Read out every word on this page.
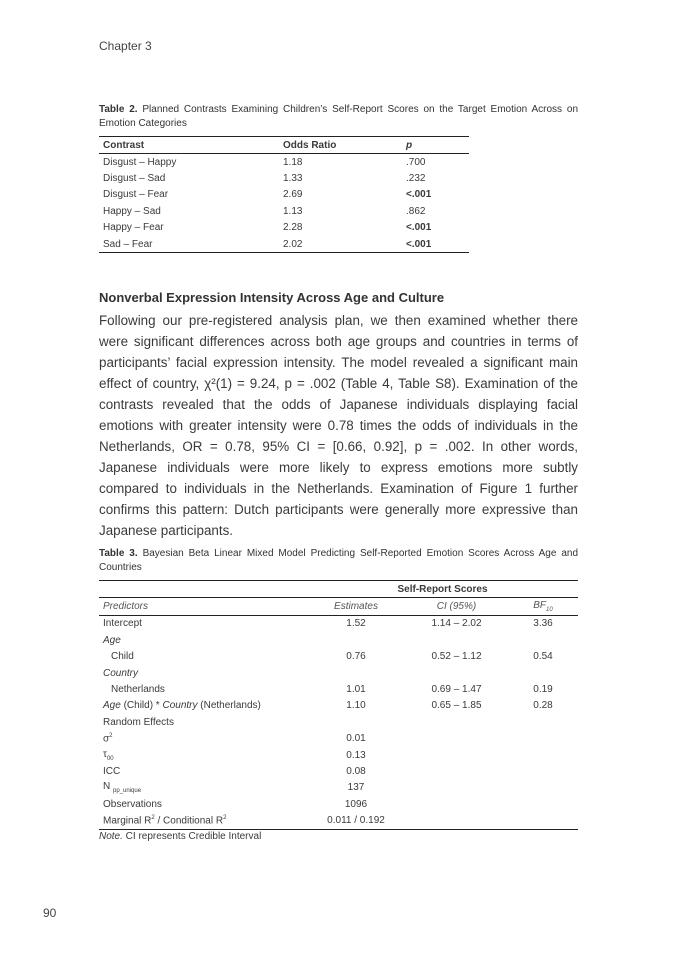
Chapter 3
Table 2. Planned Contrasts Examining Children’s Self-Report Scores on the Target Emotion Across on Emotion Categories
Contrast	Odds Ratio	p
Disgust – Happy	1.18	.700
Disgust – Sad	1.33	.232
Disgust – Fear	2.69	<.001
Happy – Sad	1.13	.862
Happy – Fear	2.28	<.001
Sad – Fear	2.02	<.001
Nonverbal Expression Intensity Across Age and Culture
Following our pre-registered analysis plan, we then examined whether there were significant differences across both age groups and countries in terms of participants’ facial expression intensity. The model revealed a significant main effect of country, χ²(1) = 9.24, p = .002 (Table 4, Table S8). Examination of the contrasts revealed that the odds of Japanese individuals displaying facial emotions with greater intensity were 0.78 times the odds of individuals in the Netherlands, OR = 0.78, 95% CI = [0.66, 0.92], p = .002. In other words, Japanese individuals were more likely to express emotions more subtly compared to individuals in the Netherlands. Examination of Figure 1 further confirms this pattern: Dutch participants were generally more expressive than Japanese participants.
Table 3. Bayesian Beta Linear Mixed Model Predicting Self-Reported Emotion Scores Across Age and Countries
	Self-Report Scores		
Predictors	Estimates	CI (95%)	$BF_{10}$
Intercept	1.52	1.14 – 2.02	3.36
Age			
Child	0.76	0.52 – 1.12	0.54
Country			
Netherlands	1.01	0.69 – 1.47	0.19
Age (Child) * Country (Netherlands)	1.10	0.65 – 1.85	0.28
Random Effects			
$\sigma^2$	0.01		
$\tau_{00}$	0.13		
ICC	0.08		
N $_{pp\_unique}$	137		
Observations	1096		
Marginal $R^2$ / Conditional $R^2$	0.011 / 0.192		
Note. CI represents Credible Interval
90
